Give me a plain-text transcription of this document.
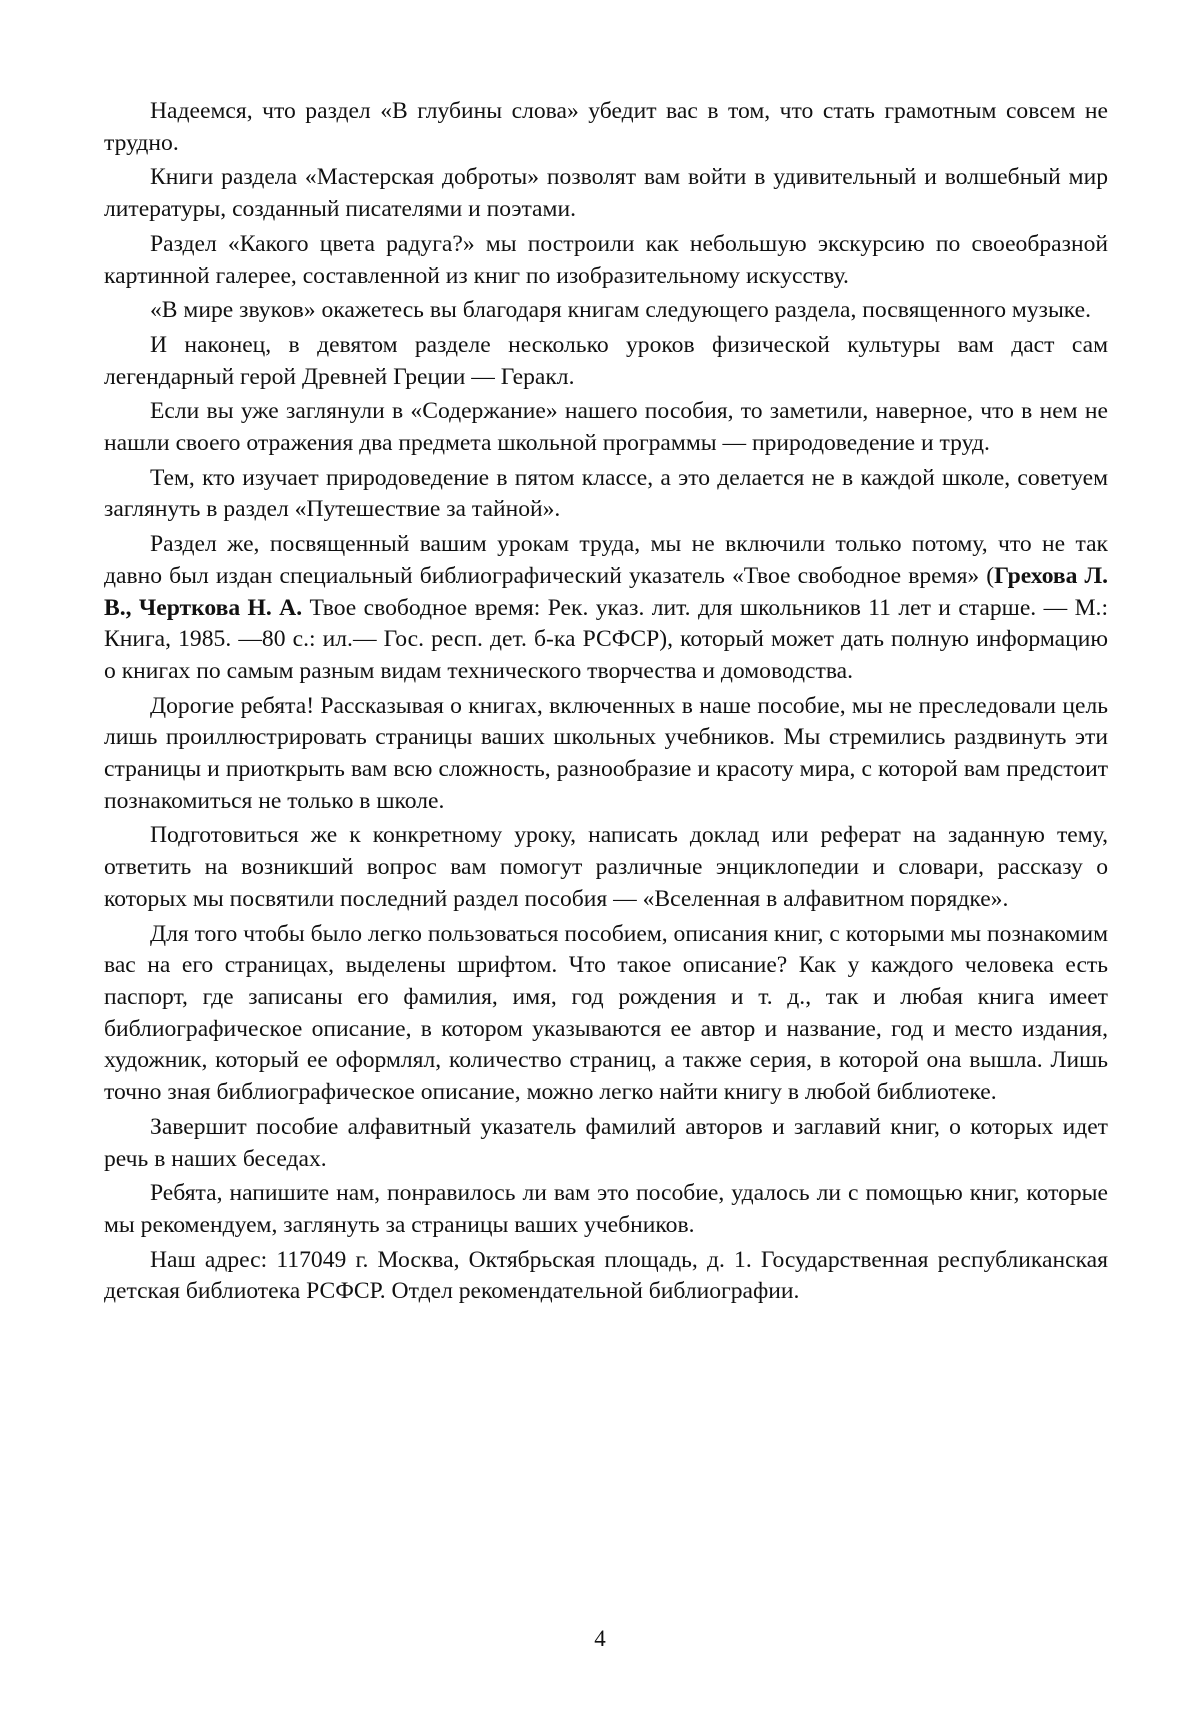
Надеемся, что раздел «В глубины слова» убедит вас в том, что стать грамотным совсем не трудно.

Книги раздела «Мастерская доброты» позволят вам войти в удивительный и волшебный мир литературы, созданный писателями и поэтами.

Раздел «Какого цвета радуга?» мы построили как небольшую экскурсию по своеобразной картинной галерее, составленной из книг по изобразительному искусству.

«В мире звуков» окажетесь вы благодаря книгам следующего раздела, посвященного музыке.

И наконец, в девятом разделе несколько уроков физической культуры вам даст сам легендарный герой Древней Греции — Геракл.

Если вы уже заглянули в «Содержание» нашего пособия, то заметили, наверное, что в нем не нашли своего отражения два предмета школьной программы — природоведение и труд.

Тем, кто изучает природоведение в пятом классе, а это делается не в каждой школе, советуем заглянуть в раздел «Путешествие за тайной».

Раздел же, посвященный вашим урокам труда, мы не включили только потому, что не так давно был издан специальный библиографический указатель «Твое свободное время» (Грехова Л. В., Черткова Н. А. Твое свободное время: Рек. указ. лит. для школьников 11 лет и старше. — М.: Книга, 1985. —80 с.: ил.— Гос. респ. дет. б-ка РСФСР), который может дать полную информацию о книгах по самым разным видам технического творчества и домоводства.

Дорогие ребята! Рассказывая о книгах, включенных в наше пособие, мы не преследовали цель лишь проиллюстрировать страницы ваших школьных учебников. Мы стремились раздвинуть эти страницы и приоткрыть вам всю сложность, разнообразие и красоту мира, с которой вам предстоит познакомиться не только в школе.

Подготовиться же к конкретному уроку, написать доклад или реферат на заданную тему, ответить на возникший вопрос вам помогут различные энциклопедии и словари, рассказу о которых мы посвятили последний раздел пособия — «Вселенная в алфавитном порядке».

Для того чтобы было легко пользоваться пособием, описания книг, с которыми мы познакомим вас на его страницах, выделены шрифтом. Что такое описание? Как у каждого человека есть паспорт, где записаны его фамилия, имя, год рождения и т. д., так и любая книга имеет библиографическое описание, в котором указываются ее автор и название, год и место издания, художник, который ее оформлял, количество страниц, а также серия, в которой она вышла. Лишь точно зная библиографическое описание, можно легко найти книгу в любой библиотеке.

Завершит пособие алфавитный указатель фамилий авторов и заглавий книг, о которых идет речь в наших беседах.

Ребята, напишите нам, понравилось ли вам это пособие, удалось ли с помощью книг, которые мы рекомендуем, заглянуть за страницы ваших учебников.

Наш адрес: 117049 г. Москва, Октябрьская площадь, д. 1. Государственная республиканская детская библиотека РСФСР. Отдел рекомендательной библиографии.

4
